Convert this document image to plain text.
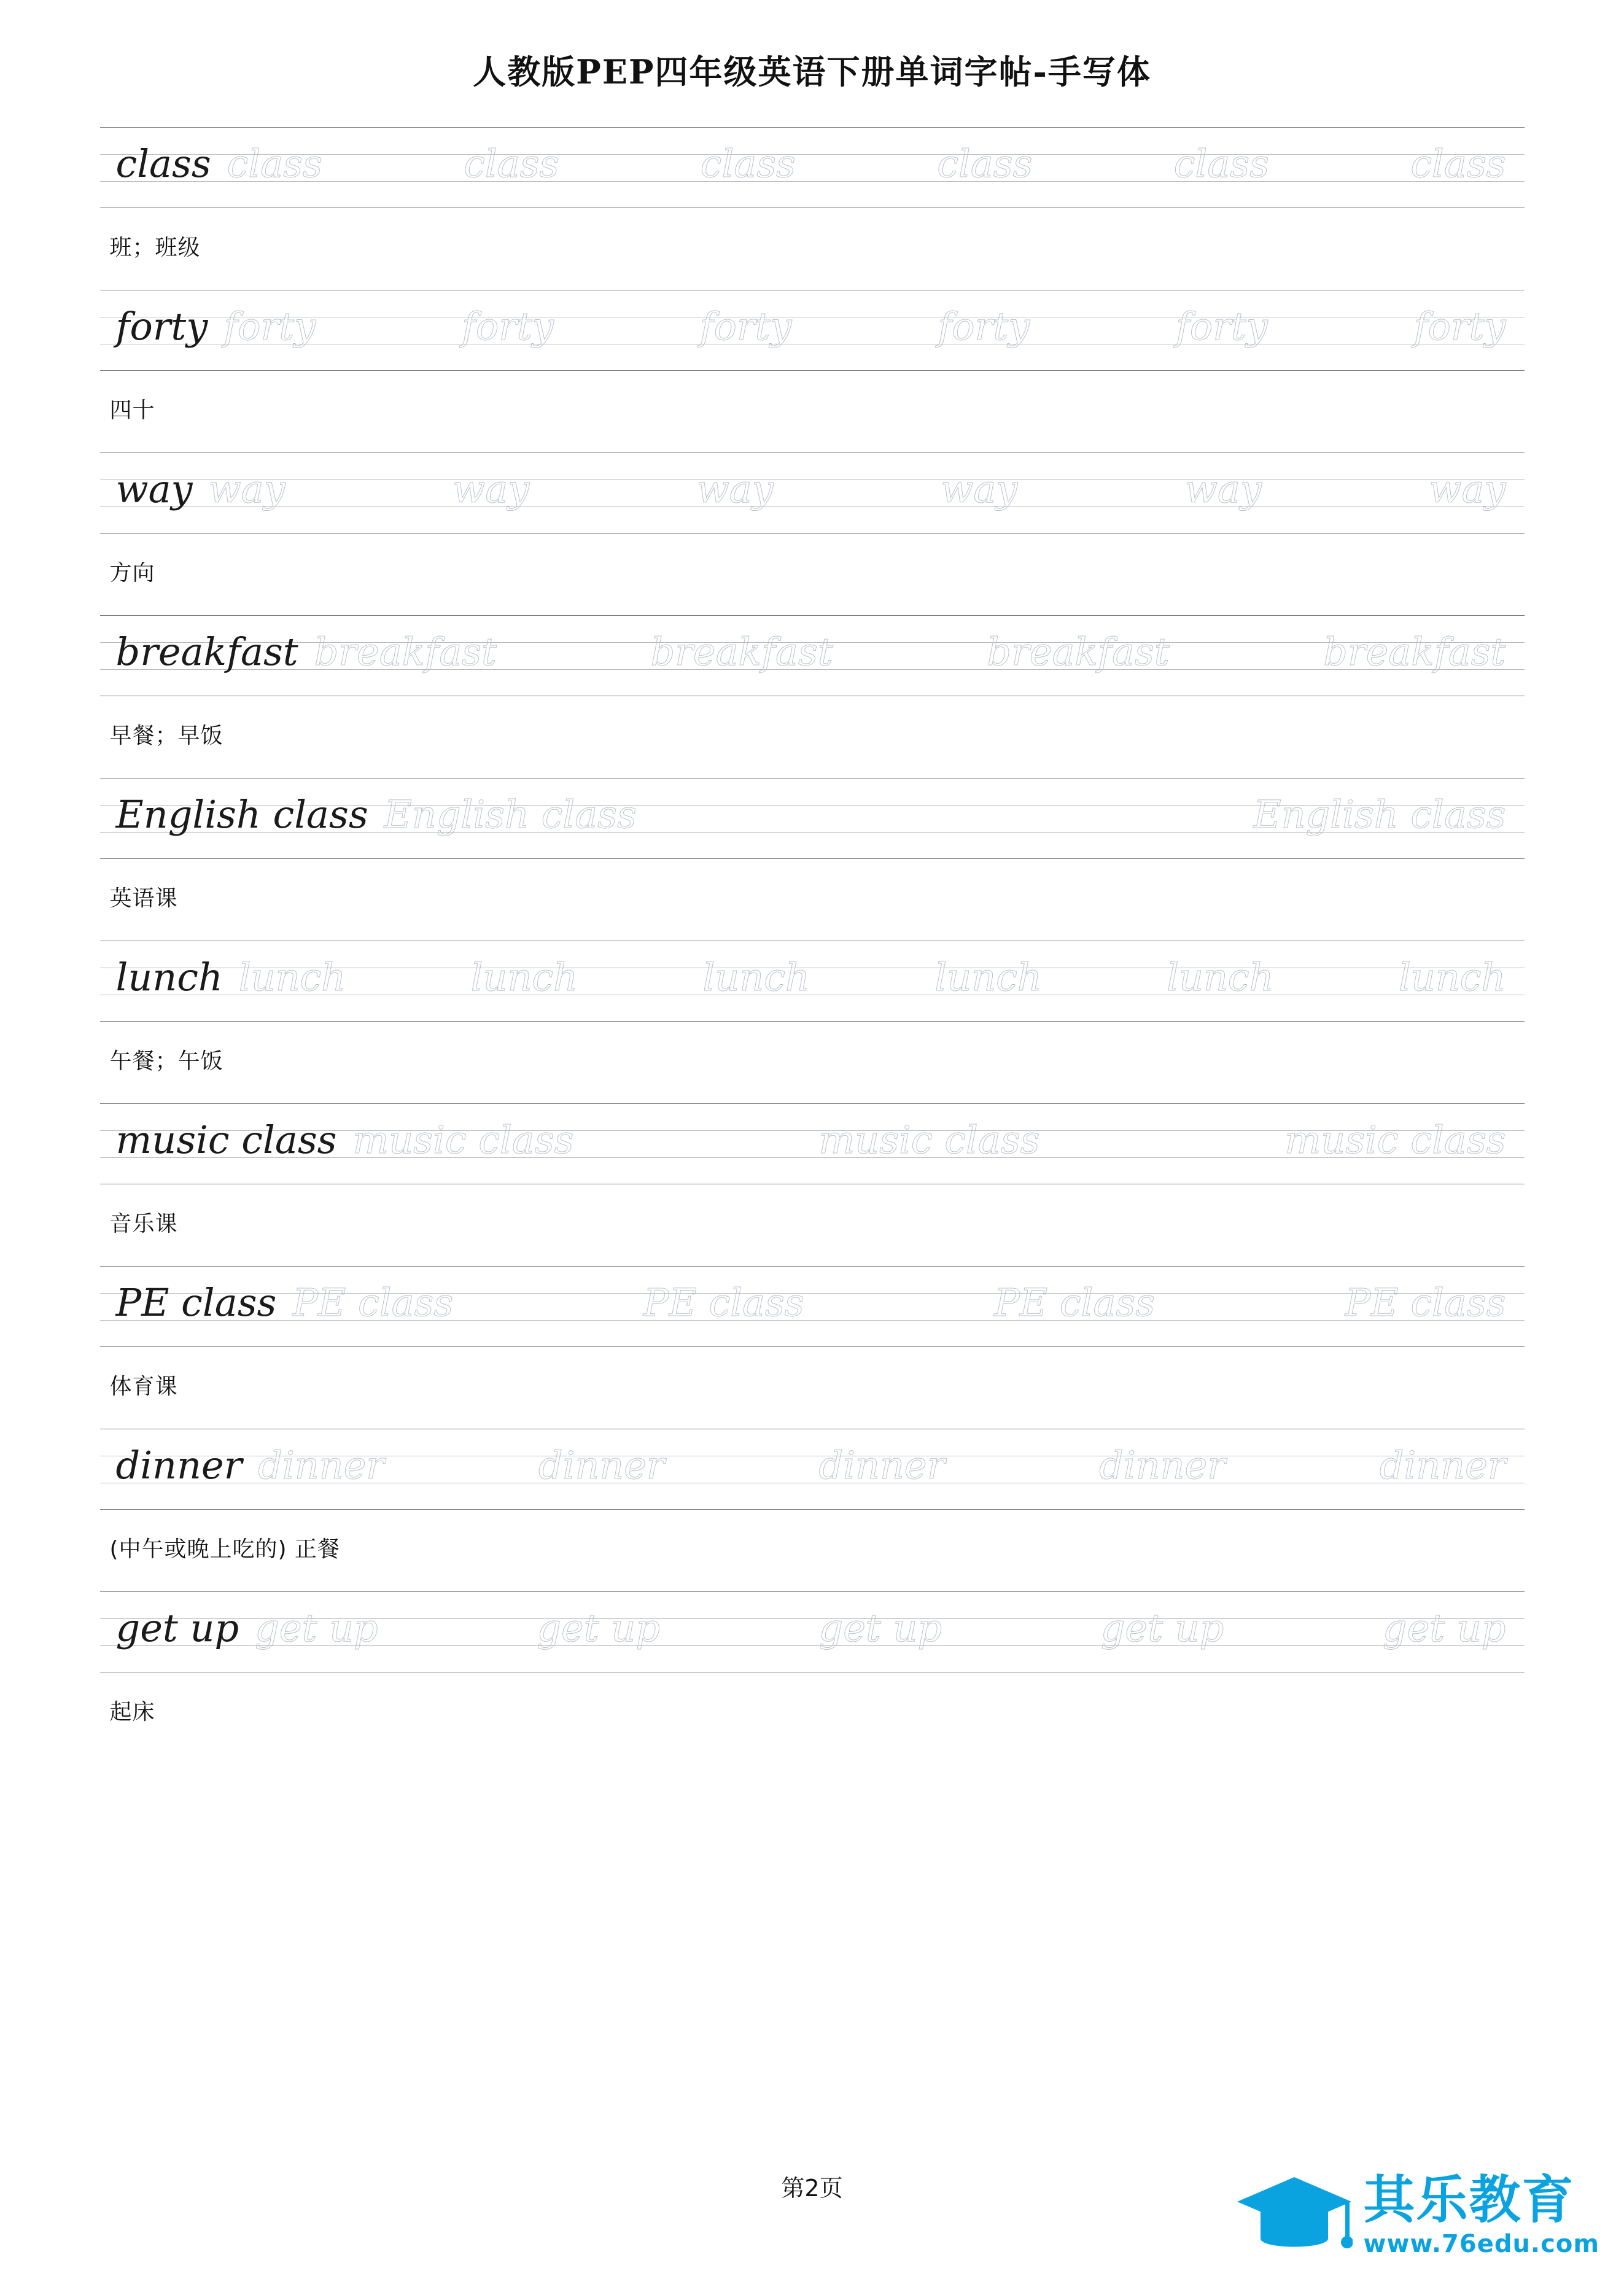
人教版PEP四年级英语下册单词字帖-手写体
class class	class	class	class	class	class
班；班级
forty forty	forty	forty	forty	forty	forty
四十
way way	way	way	way	way	way
方向
breakfast breakfast	breakfast	breakfast	breakfast
早餐；早饭
English class English class	English class
英语课
lunch lunch	lunch	lunch	lunch	lunch	lunch
午餐；午饭
music class music class	music class	music class
音乐课
PE class PE class	PE class	PE class	PE class
体育课
dinner dinner	dinner	dinner	dinner	dinner
(中午或晚上吃的) 正餐
get up get up	get up	get up	get up	get up
起床
第2页	其乐教育
www.76edu.com
